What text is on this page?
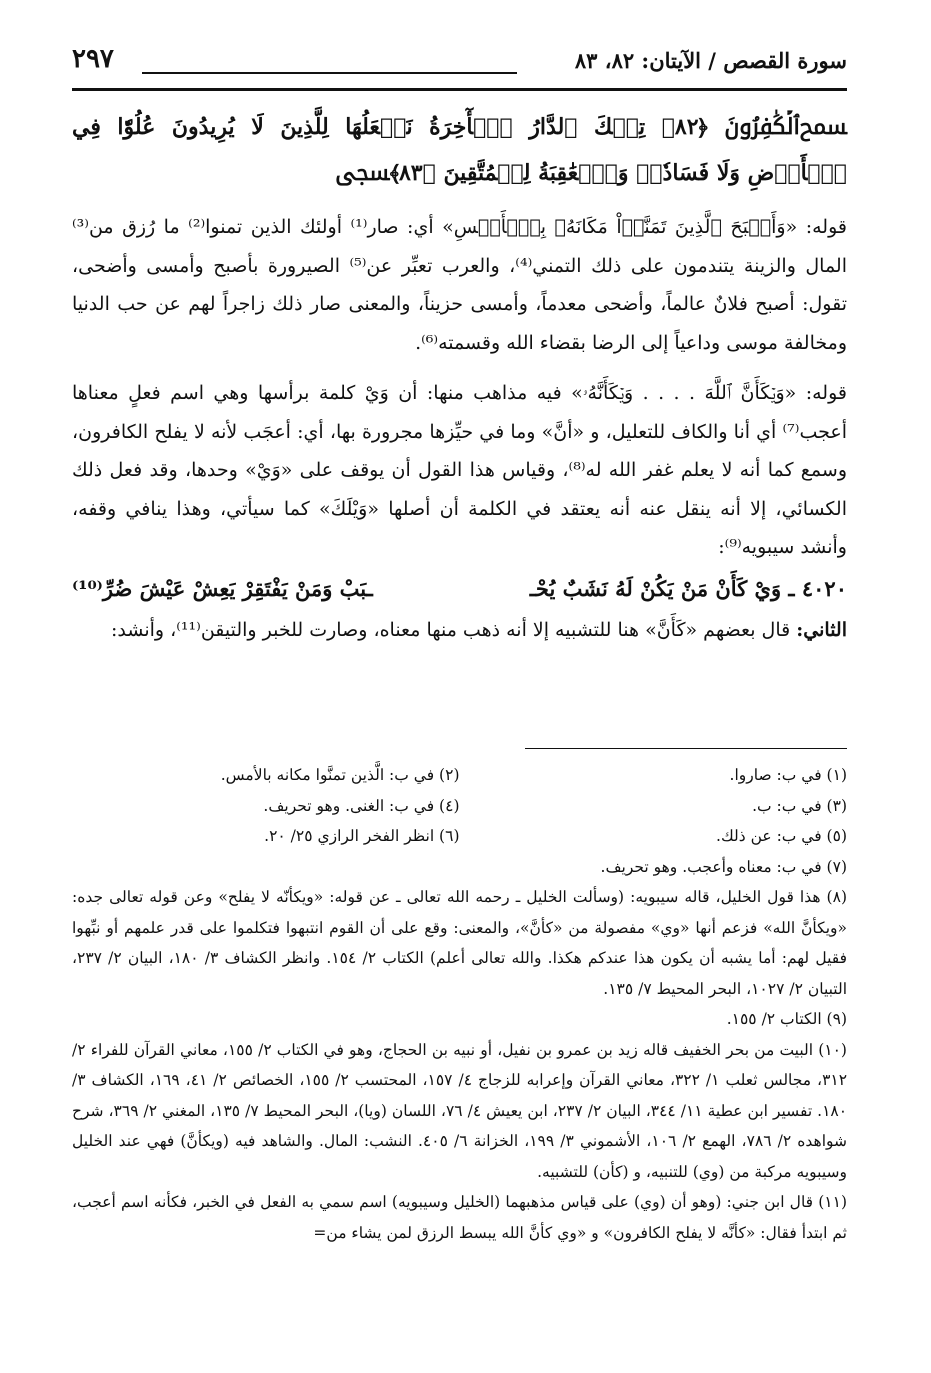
سورة القصص / الآيتان: ٨٢، ٨٣
٢٩٧
ﵟٱلۡكَٰفِرُونَ ﴿٨٢﴾ تِلۡكَ ٱلدَّارُ ٱلۡأٓخِرَةُ نَجۡعَلُهَا لِلَّذِينَ لَا يُرِيدُونَ عُلُوّٗا فِي ٱلۡأَرۡضِ وَلَا فَسَادٗاۚ وَٱلۡعَٰقِبَةُ لِلۡمُتَّقِينَ ﴿٨٣﴾ﵞ

قوله: «وَأَصۡبَحَ ٱلَّذِينَ تَمَنَّوۡاْ مَكَانَهُۥ بِٱلۡأَمۡسِ» أي: صار⁽¹⁾ أولئك الذين تمنوا⁽²⁾ ما رُزق من⁽³⁾ المال والزينة يتندمون على ذلك التمني⁽⁴⁾، والعرب تعبِّر عن⁽⁵⁾ الصيرورة بأصبح وأمسى وأضحى، تقول: أصبح فلانٌ عالماً، وأضحى معدماً، وأمسى حزيناً، والمعنى صار ذلك زاجراً لهم عن حب الدنيا ومخالفة موسى وداعياً إلى الرضا بقضاء الله وقسمته⁽⁶⁾.

قوله: «وَيۡكَأَنَّ ٱللَّهَ . . . . وَيۡكَأَنَّهُۥ» فيه مذاهب منها: أن وَيْ كلمة برأسها وهي اسم فعلٍ معناها أعجب⁽⁷⁾ أي أنا والكاف للتعليل، و «أنَّ» وما في حيِّزها مجرورة بها، أي: أعجَب لأنه لا يفلح الكافرون، وسمع كما أنه لا يعلم غفر الله له⁽⁸⁾، وقياس هذا القول أن يوقف على «وَيْ» وحدها، وقد فعل ذلك الكسائي، إلا أنه ينقل عنه أنه يعتقد في الكلمة أن أصلها «وَيْلَكَ» كما سيأتي، وهذا ينافي وقفه، وأنشد سيبويه⁽⁹⁾:

٤٠٢٠ ـ وَيْ كَأَنْ مَنْ يَكُنْ لَهُ نَشَبٌ يُحْـ
ـبَبْ وَمَنْ يَفْتَقِرْ يَعِشْ عَيْشَ ضُرِّ⁽¹⁰⁾

الثاني: قال بعضهم «كَأَنَّ» هنا للتشبيه إلا أنه ذهب منها معناه، وصارت للخبر والتيقن⁽¹¹⁾، وأنشد:

(١) في ب: صاروا.
(٢) في ب: الَّذين تمنَّوا مكانه بالأمس.
(٣) في ب: ب.
(٤) في ب: الغنى. وهو تحريف.
(٥) في ب: عن ذلك.
(٦) انظر الفخر الرازي ٢٥/ ٢٠.
(٧) في ب: معناه وأعجب. وهو تحريف.
(٨) هذا قول الخليل، قاله سيبويه: (وسألت الخليل ـ رحمه الله تعالى ـ عن قوله: «ويكأنّه لا يفلح» وعن قوله تعالى جده: «ويكأنَّ الله» فزعم أنها «وي» مفصولة من «كأنَّ»، والمعنى: وقع على أن القوم انتبهوا فتكلموا على قدر علمهم أو نبِّهوا فقيل لهم: أما يشبه أن يكون هذا عندكم هكذا. والله تعالى أعلم) الكتاب ٢/ ١٥٤. وانظر الكشاف ٣/ ١٨٠، البيان ٢/ ٢٣٧، التبيان ٢/ ١٠٢٧، البحر المحيط ٧/ ١٣٥.
(٩) الكتاب ٢/ ١٥٥.
(١٠) البيت من بحر الخفيف قاله زيد بن عمرو بن نفيل، أو نبيه بن الحجاج، وهو في الكتاب ٢/ ١٥٥، معاني القرآن للفراء ٢/ ٣١٢، مجالس ثعلب ١/ ٣٢٢، معاني القرآن وإعرابه للزجاج ٤/ ١٥٧، المحتسب ٢/ ١٥٥، الخصائص ٢/ ٤١، ١٦٩، الكشاف ٣/ ١٨٠. تفسير ابن عطية ١١/ ٣٤٤، البيان ٢/ ٢٣٧، ابن يعيش ٤/ ٧٦، اللسان (ويا)، البحر المحيط ٧/ ١٣٥، المغني ٢/ ٣٦٩، شرح شواهده ٢/ ٧٨٦، الهمع ٢/ ١٠٦، الأشموني ٣/ ١٩٩، الخزانة ٦/ ٤٠٥. النشب: المال. والشاهد فيه (ويكأنَّ) فهي عند الخليل وسيبويه مركبة من (وي) للتنبيه، و (كأن) للتشبيه.
(١١) قال ابن جني: (وهو أن (وي) على قياس مذهبهما (الخليل وسيبويه) اسم سمي به الفعل في الخبر، فكأنه اسم أعجب، ثم ابتدأ فقال: «كأنَّه لا يفلح الكافرون» و «وي كأنَّ الله يبسط الرزق لمن يشاء من=
